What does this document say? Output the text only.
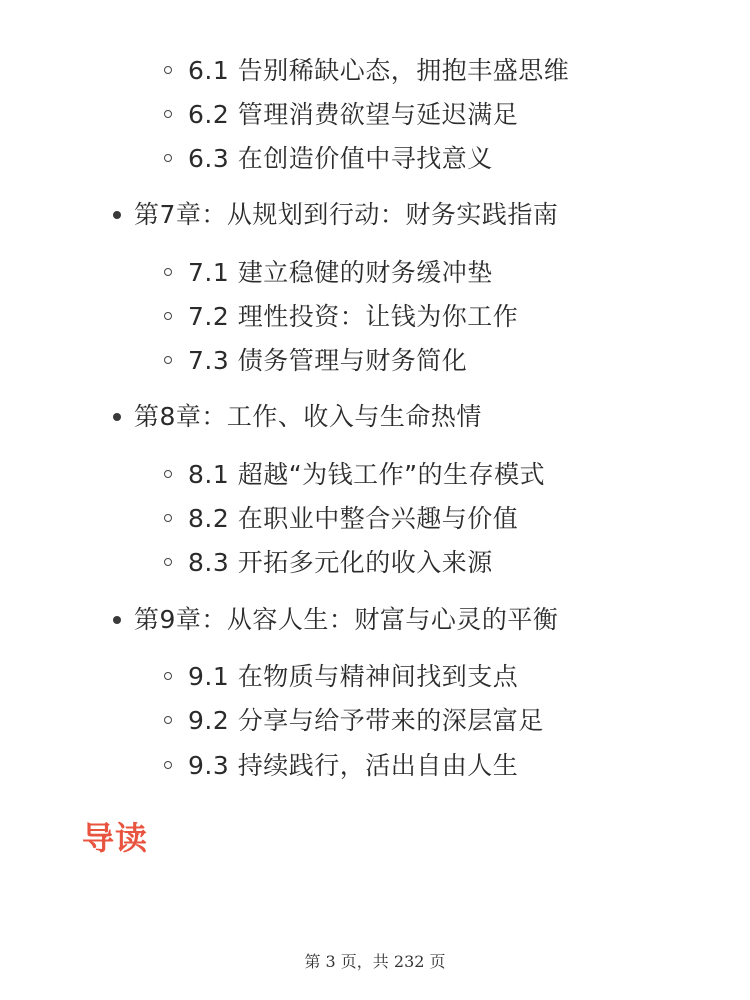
6.1 告别稀缺心态，拥抱丰盛思维
6.2 管理消费欲望与延迟满足
6.3 在创造价值中寻找意义
第7章：从规划到行动：财务实践指南
7.1 建立稳健的财务缓冲垫
7.2 理性投资：让钱为你工作
7.3 债务管理与财务简化
第8章：工作、收入与生命热情
8.1 超越“为钱工作”的生存模式
8.2 在职业中整合兴趣与价值
8.3 开拓多元化的收入来源
第9章：从容人生：财富与心灵的平衡
9.1 在物质与精神间找到支点
9.2 分享与给予带来的深层富足
9.3 持续践行，活出自由人生
导读
第 3 页，共 232 页
